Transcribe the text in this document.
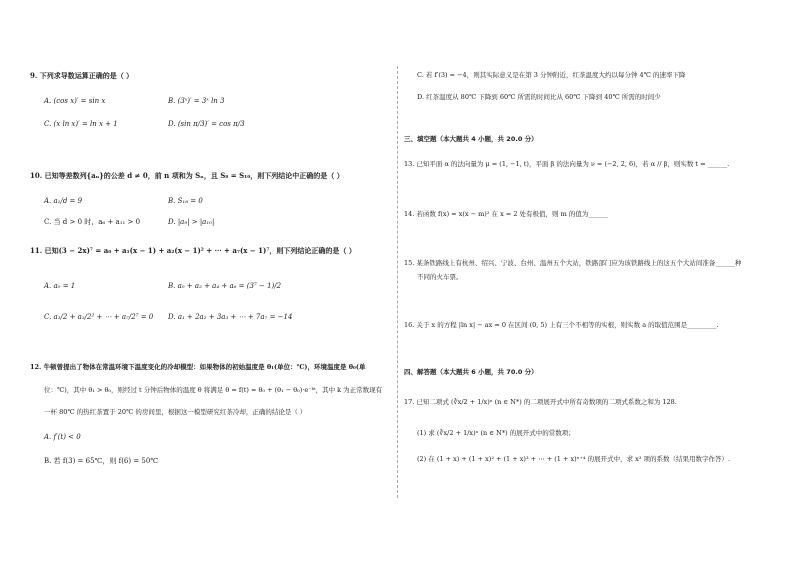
9. 下列求导数运算正确的是（ ）
A. (cos x)′ = sin x	B. (3ˣ)′ = 3ˣ ln 3
C. (x ln x)′ = ln x + 1	D. (sin π/3)′ = cos π/3
10. 已知等差数列{aₙ}的公差 d ≠ 0，前 n 项和为 Sₙ，且 S₈ = S₁₀，则下列结论中正确的是（ ）
A. a₁/d = 9	B. S₁₈ = 0
C. 当 d > 0 时，a₆ + a₁₁ > 0	D. |a₉| > |a₁₀|
11. 已知(3 − 2x)⁷ = a₀ + a₁(x − 1) + a₂(x − 1)² + ⋯ + a₇(x − 1)⁷，则下列结论正确的是（ ）
A. a₀ = 1	B. a₀ + a₂ + a₄ + a₆ = (3⁷ − 1)/2
C. a₁/2 + a₂/2² + ⋯ + a₇/2⁷ = 0 D. a₁ + 2a₂ + 3a₃ + ⋯ + 7a₇ = −14
12. 牛顿曾提出了物体在常温环境下温度变化的冷却模型：如果物体的初始温度是 θ₁(单位：℃)，环境温度是 θ₀(单
位：℃)，其中 θ₁ > θ₀，则经过 t 分钟后物体的温度 θ 将满足 θ = f(t) = θ₀ + (θ₁ − θ₀)·e⁻ᵏᵗ，其中 k 为正常数现有
一杯 80℃ 的热红茶置于 20℃ 的房间里，根据这一模型研究红茶冷却，正确的结论是（ ）
A. f′(t) < 0
B. 若 f(3) = 65℃，则 f(6) = 50℃
C. 若 f′(3) = −4，则其实际意义是在第 3 分钟附近，红茶温度大约以每分钟 4℃ 的速率下降
D. 红茶温度从 80℃ 下降到 60℃ 所需的时间比从 60℃ 下降到 40℃ 所需的时间少
三、填空题（本大题共 4 小题，共 20.0 分）
13. 已知平面 α 的法向量为 μ = (1, −1, t)，平面 β 的法向量为 ν = (−2, 2, 6)，若 α // β，则实数 t = ______.
14. 若函数 f(x) = x(x − m)² 在 x = 2 处有极值，则 m 的值为______
15. 某条铁路线上有杭州、绍兴、宁波、台州、温州五个大站，铁路部门应为该铁路线上的这五个大站间准备______种
不同的火车票。
16. 关于 x 的方程 |ln x| − ax = 0 在区间 (0, 5) 上有三个不相等的实根，则实数 a 的取值范围是_________.
四、解答题（本大题共 6 小题，共 70.0 分）
17. 已知二项式 (∛x/2 + 1/x)ⁿ (n ∈ N*) 的二项展开式中所有奇数项的二项式系数之和为 128.
(1) 求 (∛x/2 + 1/x)ⁿ (n ∈ N*) 的展开式中的常数项；
(2) 在 (1 + x) + (1 + x)² + (1 + x)³ + ⋯ + (1 + x)ⁿ⁺⁴ 的展开式中，求 x² 项的系数（结果用数字作答）.
